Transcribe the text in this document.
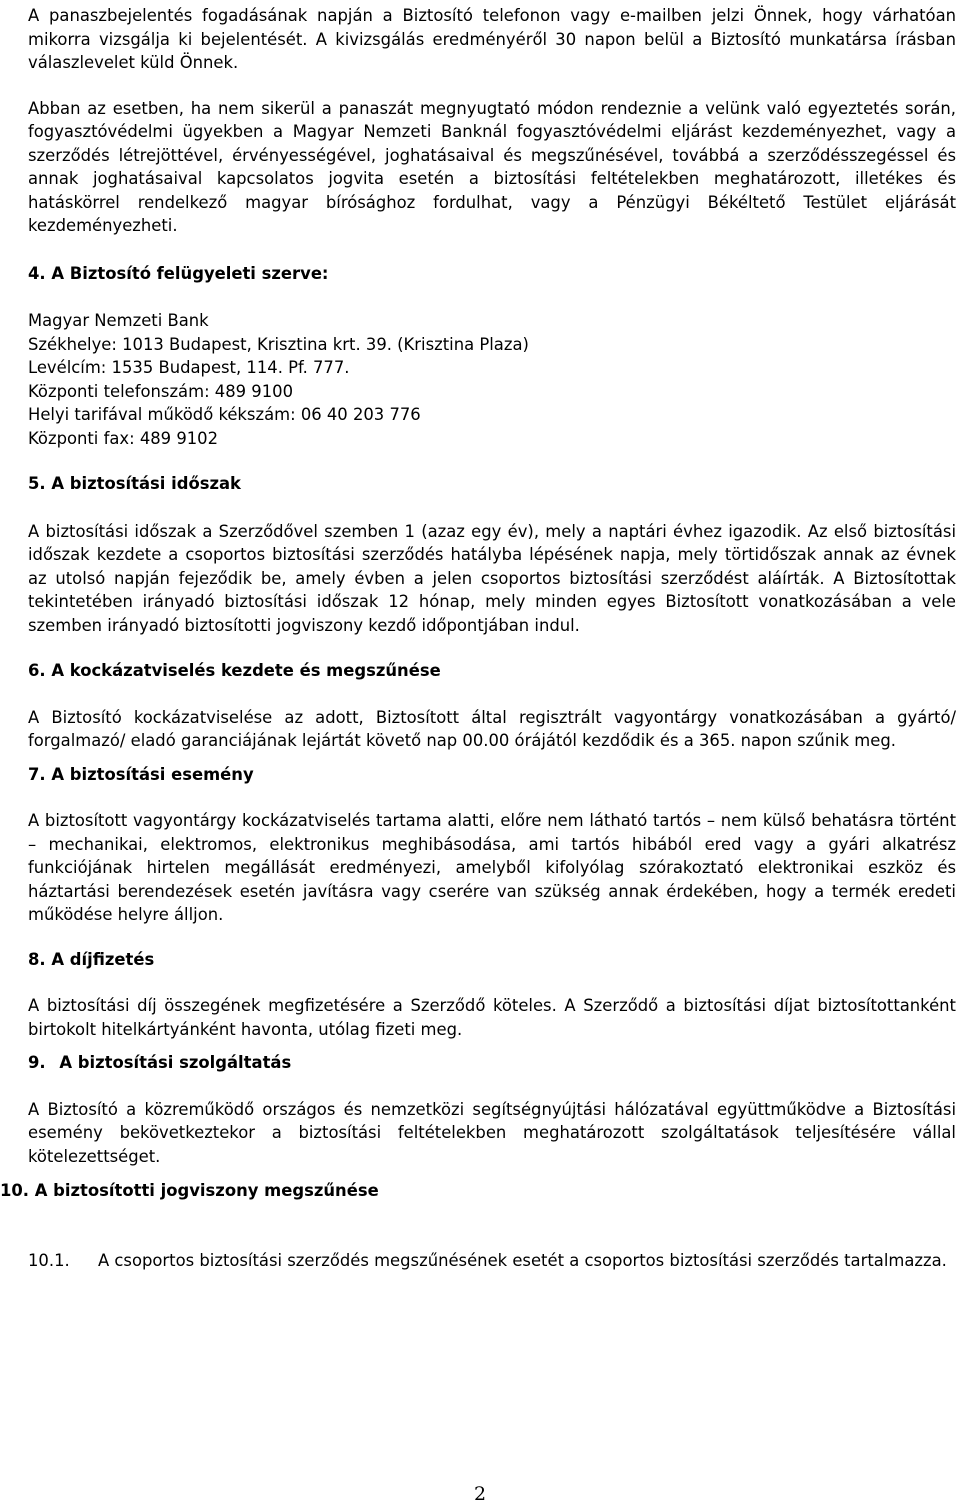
A panaszbejelentés fogadásának napján a Biztosító telefonon vagy e-mailben jelzi Önnek, hogy várhatóan mikorra vizsgálja ki bejelentését. A kivizsgálás eredményéről 30 napon belül a Biztosító munkatársa írásban válaszlevelet küld Önnek.

Abban az esetben, ha nem sikerül a panaszát megnyugtató módon rendeznie a velünk való egyeztetés során, fogyasztóvédelmi ügyekben a Magyar Nemzeti Banknál fogyasztóvédelmi eljárást kezdeményezhet, vagy a szerződés létrejöttével, érvényességével, joghatásaival és megszűnésével, továbbá a szerződésszegéssel és annak joghatásaival kapcsolatos jogvita esetén a biztosítási feltételekben meghatározott, illetékes és hatáskörrel rendelkező magyar bírósághoz fordulhat, vagy a Pénzügyi Békéltető Testület eljárását kezdeményezheti.

4. A Biztosító felügyeleti szerve:

Magyar Nemzeti Bank

Székhelye: 1013 Budapest, Krisztina krt. 39. (Krisztina Plaza)

Levélcím: 1535 Budapest, 114. Pf. 777.

Központi telefonszám: 489 9100

Helyi tarifával működő kékszám: 06 40 203 776

Központi fax: 489 9102

5. A biztosítási időszak

A biztosítási időszak a Szerződővel szemben 1 (azaz egy év), mely a naptári évhez igazodik. Az első biztosítási időszak kezdete a csoportos biztosítási szerződés hatályba lépésének napja, mely törtidőszak annak az évnek az utolsó napján fejeződik be, amely évben a jelen csoportos biztosítási szerződést aláírták. A Biztosítottak tekintetében irányadó biztosítási időszak 12 hónap, mely minden egyes Biztosított vonatkozásában a vele szemben irányadó biztosítotti jogviszony kezdő időpontjában indul.

6. A kockázatviselés kezdete és megszűnése

A Biztosító kockázatviselése az adott, Biztosított által regisztrált vagyontárgy vonatkozásában a gyártó/ forgalmazó/ eladó garanciájának lejártát követő nap 00.00 órájától kezdődik és a 365. napon szűnik meg.

7. A biztosítási esemény

A biztosított vagyontárgy kockázatviselés tartama alatti, előre nem látható tartós – nem külső behatásra történt – mechanikai, elektromos, elektronikus meghibásodása, ami tartós hibából ered vagy a gyári alkatrész funkciójának hirtelen megállását eredményezi, amelyből kifolyólag szórakoztató elektronikai eszköz és háztartási berendezések esetén javításra vagy cserére van szükség annak érdekében, hogy a termék eredeti működése helyre álljon.

8. A díjfizetés

A biztosítási díj összegének megfizetésére a Szerződő köteles. A Szerződő a biztosítási díjat biztosítottanként birtokolt hitelkártyánként havonta, utólag fizeti meg.

9. A biztosítási szolgáltatás

A Biztosító a közreműködő országos és nemzetközi segítségnyújtási hálózatával együttműködve a Biztosítási esemény bekövetkeztekor a biztosítási feltételekben meghatározott szolgáltatások teljesítésére vállal kötelezettséget.

10. A biztosítotti jogviszony megszűnése

10.1.	A csoportos biztosítási szerződés megszűnésének esetét a csoportos biztosítási szerződés tartalmazza.
2
